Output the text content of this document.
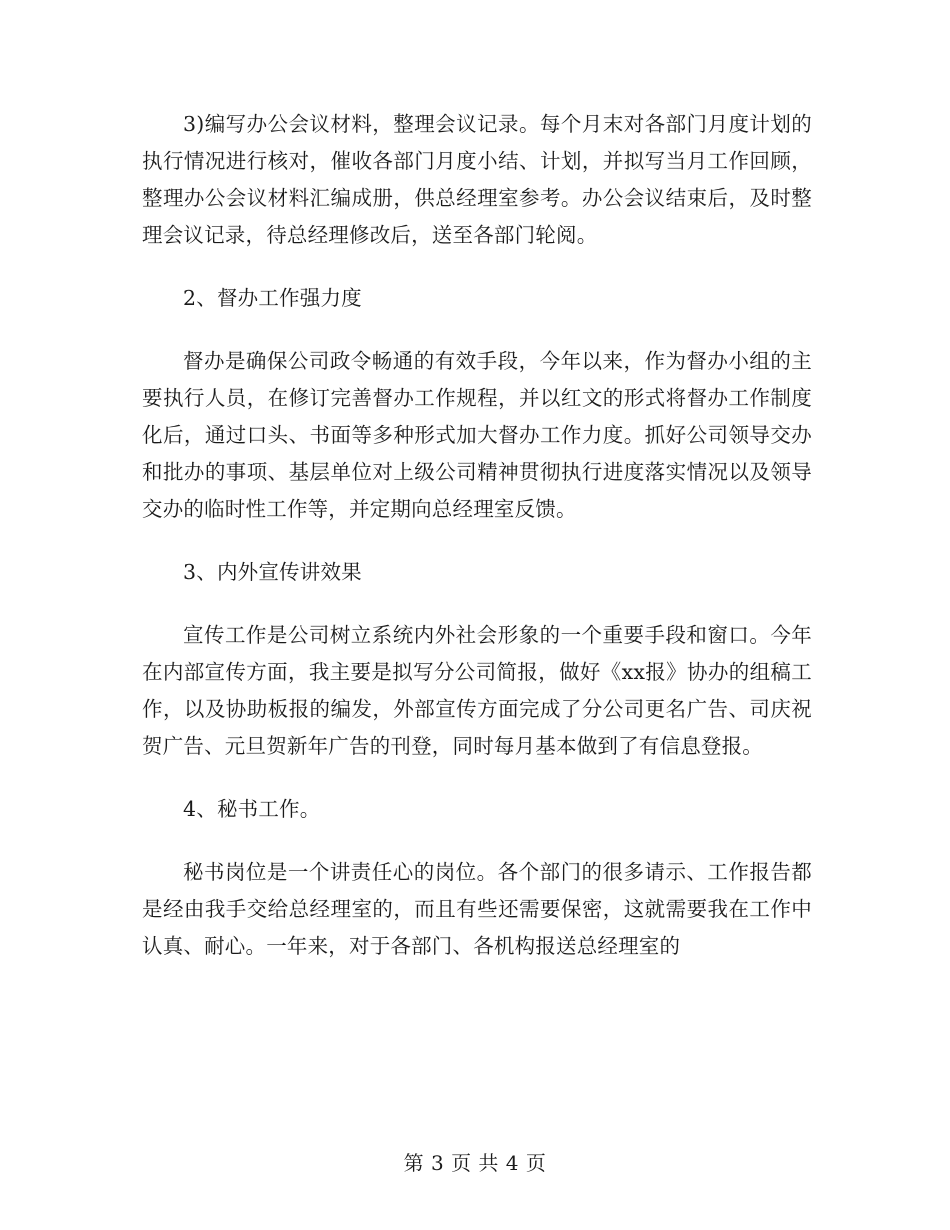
3)编写办公会议材料，整理会议记录。每个月末对各部门月度计划的执行情况进行核对，催收各部门月度小结、计划，并拟写当月工作回顾，整理办公会议材料汇编成册，供总经理室参考。办公会议结束后，及时整理会议记录，待总经理修改后，送至各部门轮阅。

2、督办工作强力度

督办是确保公司政令畅通的有效手段，今年以来，作为督办小组的主要执行人员，在修订完善督办工作规程，并以红文的形式将督办工作制度化后，通过口头、书面等多种形式加大督办工作力度。抓好公司领导交办和批办的事项、基层单位对上级公司精神贯彻执行进度落实情况以及领导交办的临时性工作等，并定期向总经理室反馈。

3、内外宣传讲效果

宣传工作是公司树立系统内外社会形象的一个重要手段和窗口。今年在内部宣传方面，我主要是拟写分公司简报，做好《xx报》协办的组稿工作，以及协助板报的编发，外部宣传方面完成了分公司更名广告、司庆祝贺广告、元旦贺新年广告的刊登，同时每月基本做到了有信息登报。

4、秘书工作。

秘书岗位是一个讲责任心的岗位。各个部门的很多请示、工作报告都是经由我手交给总经理室的，而且有些还需要保密，这就需要我在工作中认真、耐心。一年来，对于各部门、各机构报送总经理室的

第 3 页 共 4 页
